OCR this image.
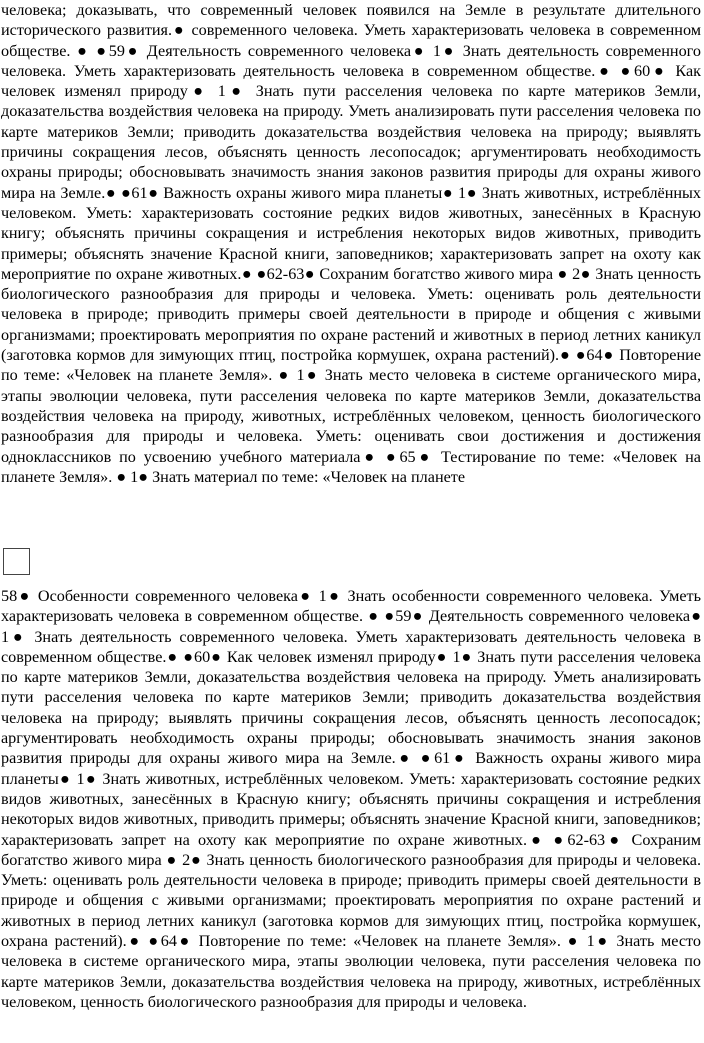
человека; доказывать, что современный человек появился на Земле в результате длительного исторического развития.● современного человека. Уметь характеризовать человека в современном обществе. ● ●59● Деятельность современного человека● 1● Знать деятельность современного человека. Уметь характеризовать деятельность человека в современном обществе.● ●60● Как человек изменял природу● 1● Знать пути расселения человека по карте материков Земли, доказательства воздействия человека на природу. Уметь анализировать пути расселения человека по карте материков Земли; приводить доказательства воздействия человека на природу; выявлять причины сокращения лесов, объяснять ценность лесопосадок; аргументировать необходимость охраны природы; обосновывать значимость знания законов развития природы для охраны живого мира на Земле.● ●61● Важность охраны живого мира планеты● 1● Знать животных, истреблённых человеком. Уметь: характеризовать состояние редких видов животных, занесённых в Красную книгу; объяснять причины сокращения и истребления некоторых видов животных, приводить примеры; объяснять значение Красной книги, заповедников; характеризовать запрет на охоту как мероприятие по охране животных.● ●62-63● Сохраним богатство живого мира ● 2● Знать ценность биологического разнообразия для природы и человека. Уметь: оценивать роль деятельности человека в природе; приводить примеры своей деятельности в природе и общения с живыми организмами; проектировать мероприятия по охране растений и животных в период летних каникул (заготовка кормов для зимующих птиц, постройка кормушек, охрана растений).● ●64● Повторение по теме: «Человек на планете Земля». ● 1● Знать место человека в системе органического мира, этапы эволюции человека, пути расселения человека по карте материков Земли, доказательства воздействия человека на природу, животных, истреблённых человеком, ценность биологического разнообразия для природы и человека. Уметь: оценивать свои достижения и достижения одноклассников по усвоению учебного материала● ●65● Тестирование по теме: «Человек на планете Земля». ● 1● Знать материал по теме: «Человек на планете
58● Особенности современного человека● 1● Знать особенности современного человека. Уметь характеризовать человека в современном обществе. ● ●59● Деятельность современного человека● 1● Знать деятельность современного человека. Уметь характеризовать деятельность человека в современном обществе.● ●60● Как человек изменял природу● 1● Знать пути расселения человека по карте материков Земли, доказательства воздействия человека на природу. Уметь анализировать пути расселения человека по карте материков Земли; приводить доказательства воздействия человека на природу; выявлять причины сокращения лесов, объяснять ценность лесопосадок; аргументировать необходимость охраны природы; обосновывать значимость знания законов развития природы для охраны живого мира на Земле.● ●61● Важность охраны живого мира планеты● 1● Знать животных, истреблённых человеком. Уметь: характеризовать состояние редких видов животных, занесённых в Красную книгу; объяснять причины сокращения и истребления некоторых видов животных, приводить примеры; объяснять значение Красной книги, заповедников; характеризовать запрет на охоту как мероприятие по охране животных.● ●62-63● Сохраним богатство живого мира ● 2● Знать ценность биологического разнообразия для природы и человека. Уметь: оценивать роль деятельности человека в природе; приводить примеры своей деятельности в природе и общения с живыми организмами; проектировать мероприятия по охране растений и животных в период летних каникул (заготовка кормов для зимующих птиц, постройка кормушек, охрана растений).● ●64● Повторение по теме: «Человек на планете Земля». ● 1● Знать место человека в системе органического мира, этапы эволюции человека, пути расселения человека по карте материков Земли, доказательства воздействия человека на природу, животных, истреблённых человеком, ценность биологического разнообразия для природы и человека.
